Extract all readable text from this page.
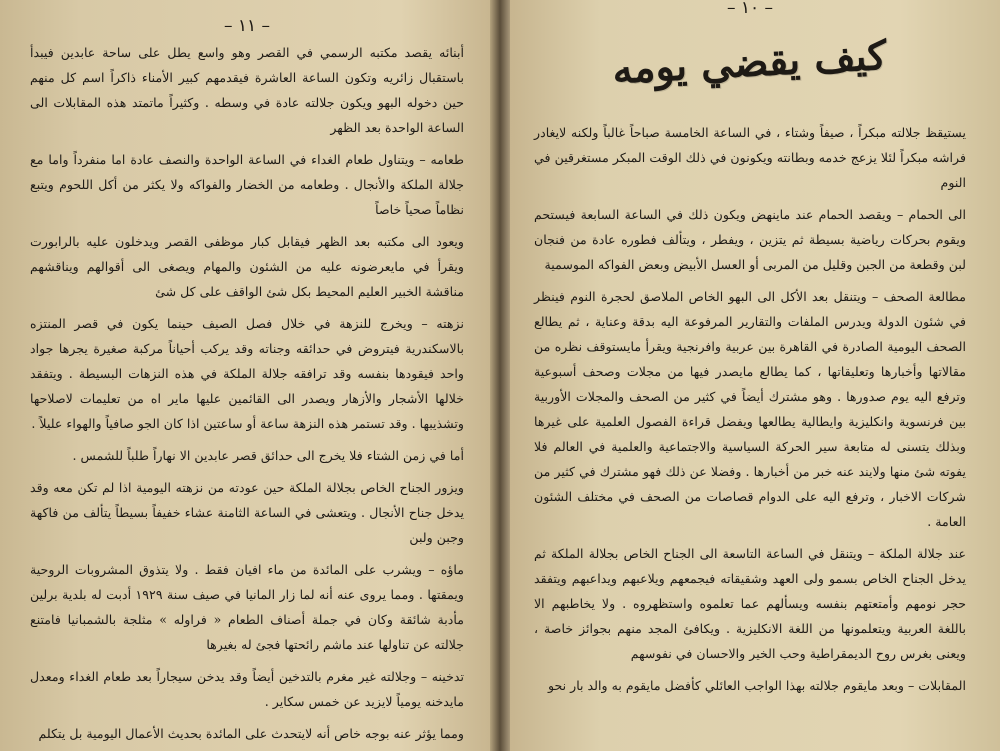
– ١١ –

أبنائه يقصد مكتبه الرسمي في القصر وهو واسع يطل على ساحة عابدين فيبدأ باستقبال زائريه وتكون الساعة العاشرة فيقدمهم كبير الأمناء ذاكراً اسم كل منهم حين دخوله البهو ويكون جلالته عادة في وسطه . وكثيراً ماتمتد هذه المقابلات الى الساعة الواحدة بعد الظهر

طعامه – ويتناول طعام الغداء في الساعة الواحدة والنصف عادة اما منفرداً واما مع جلالة الملكة والأنجال . وطعامه من الخضار والفواكه ولا يكثر من أكل اللحوم ويتبع نظاماً صحياً خاصاً

ويعود الى مكتبه بعد الظهر فيقابل كبار موظفى القصر ويدخلون عليه بالرابورت ويقرأ في مايعرضونه عليه من الشئون والمهام ويصغى الى أقوالهم ويناقشهم مناقشة الخبير العليم المحيط بكل شئ الواقف على كل شئ

نزهته – ويخرج للنزهة في خلال فصل الصيف حينما يكون في قصر المنتزه بالاسكندرية فيتروض في حدائقه وجناته وقد يركب أحياناً مركبة صغيرة يجرها جواد واحد فيقودها بنفسه وقد ترافقه جلالة الملكة في هذه النزهات البسيطة . ويتفقد خلالها الأشجار والأزهار ويصدر الى القائمين عليها ماير اه من تعليمات لاصلاحها وتشذيبها . وقد تستمر هذه النزهة ساعة أو ساعتين اذا كان الجو صافياً والهواء عليلاً .

أما في زمن الشتاء فلا يخرج الى حدائق قصر عابدين الا نهاراً طلباً للشمس .

ويزور الجناح الخاص بجلالة الملكة حين عودته من نزهته اليومية اذا لم تكن معه وقد يدخل جناح الأنجال . ويتعشى في الساعة الثامنة عشاء خفيفاً بسيطاً يتألف من فاكهة وجبن ولبن

ماؤه – ويشرب على المائدة من ماء افيان فقط . ولا يتذوق المشروبات الروحية ويمقتها . ومما يروى عنه أنه لما زار المانيا في صيف سنة ١٩٢٩ أدبت له بلدية برلين مأدبة شائقة وكان في جملة أصناف الطعام « فراوله » مثلجة بالشمبانيا فامتنع جلالته عن تناولها عند ماشم رائحتها فجئ له بغيرها

تدخينه – وجلالته غير مغرم بالتدخين أيضاً وقد يدخن سيجاراً بعد طعام الغداء ومعدل مايدخنه يومياً لايزيد عن خمس سكاير .

ومما يؤثر عنه بوجه خاص أنه لايتحدث على المائدة بحديث الأعمال اليومية بل يتكلم

– ١٠ –
كيف يقضي يومه

يستيقظ جلالته مبكراً ، صيفاً وشتاء ، في الساعة الخامسة صباحاً غالباً ولكنه لايغادر فراشه مبكراً لئلا يزعج خدمه وبطانته ويكونون في ذلك الوقت المبكر مستغرقين في النوم

الى الحمام – ويقصد الحمام عند ماينهض ويكون ذلك في الساعة السابعة فيستحم ويقوم بحركات رياضية بسيطة ثم يتزين ، ويفطر ، ويتألف فطوره عادة من فنجان لبن وقطعة من الجبن وقليل من المربى أو العسل الأبيض وبعض الفواكه الموسمية

مطالعة الصحف – ويتنقل بعد الأكل الى البهو الخاص الملاصق لحجرة النوم فينظر في شئون الدولة ويدرس الملفات والتقارير المرفوعة اليه بدقة وعناية ، ثم يطالع الصحف اليومية الصادرة في القاهرة بين عربية وافرنجية ويقرأ مايستوقف نظره من مقالاتها وأخبارها وتعليقاتها ، كما يطالع مايصدر فيها من مجلات وصحف أسبوعية وترفع اليه يوم صدورها . وهو مشترك أيضاً في كثير من الصحف والمجلات الأوربية بين فرنسوية وانكليزية وايطالية يطالعها ويفضل قراءة الفصول العلمية على غيرها وبذلك يتسنى له متابعة سير الحركة السياسية والاجتماعية والعلمية في العالم فلا يفوته شئ منها ولايند عنه خبر من أخبارها . وفضلا عن ذلك فهو مشترك في كثير من شركات الاخبار ، وترفع اليه على الدوام قصاصات من الصحف في مختلف الشئون العامة .

عند جلالة الملكة – ويتنقل في الساعة التاسعة الى الجناح الخاص بجلالة الملكة ثم يدخل الجناح الخاص بسمو ولى العهد وشقيقاته فيجمعهم ويلاعبهم ويداعبهم ويتفقد حجر نومهم وأمتعتهم بنفسه ويسألهم عما تعلموه واستظهروه . ولا يخاطبهم الا باللغة العربية ويتعلمونها من اللغة الانكليزية . ويكافئ المجد منهم بجوائز خاصة ، ويعنى بغرس روح الديمقراطية وحب الخير والاحسان في نفوسهم

المقابلات – وبعد مايقوم جلالته بهذا الواجب العائلي كأفضل مايقوم به والد بار نحو
